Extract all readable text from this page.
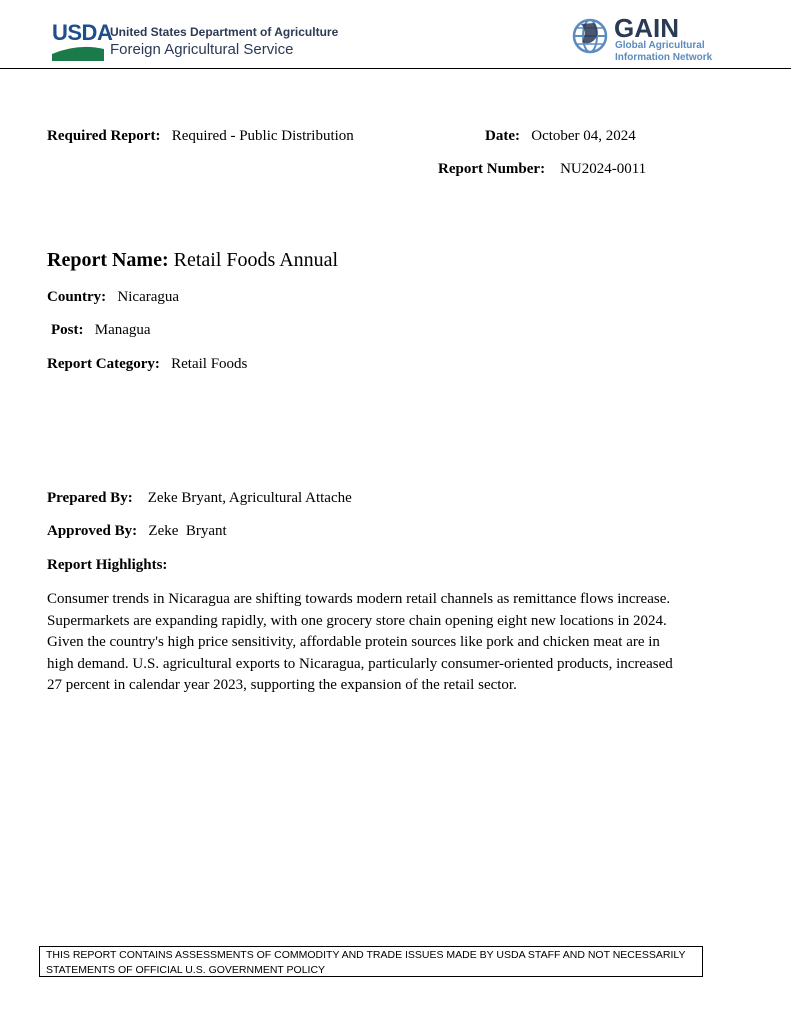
USDA
United States Department of Agriculture
Foreign Agricultural Service
GAIN
Global Agricultural
Information Network
Required Report: Required - Public Distribution	Date: October 04, 2024
Report Number: NU2024-0011
Report Name: Retail Foods Annual
Country: Nicaragua
Post: Managua
Report Category: Retail Foods
Prepared By: Zeke Bryant, Agricultural Attache
Approved By: Zeke  Bryant
Report Highlights:
Consumer trends in Nicaragua are shifting towards modern retail channels as remittance flows increase.
Supermarkets are expanding rapidly, with one grocery store chain opening eight new locations in 2024.
Given the country's high price sensitivity, affordable protein sources like pork and chicken meat are in
high demand. U.S. agricultural exports to Nicaragua, particularly consumer-oriented products, increased
27 percent in calendar year 2023, supporting the expansion of the retail sector.
THIS REPORT CONTAINS ASSESSMENTS OF COMMODITY AND TRADE ISSUES MADE BY USDA STAFF AND NOT NECESSARILY
STATEMENTS OF OFFICIAL U.S. GOVERNMENT POLICY
